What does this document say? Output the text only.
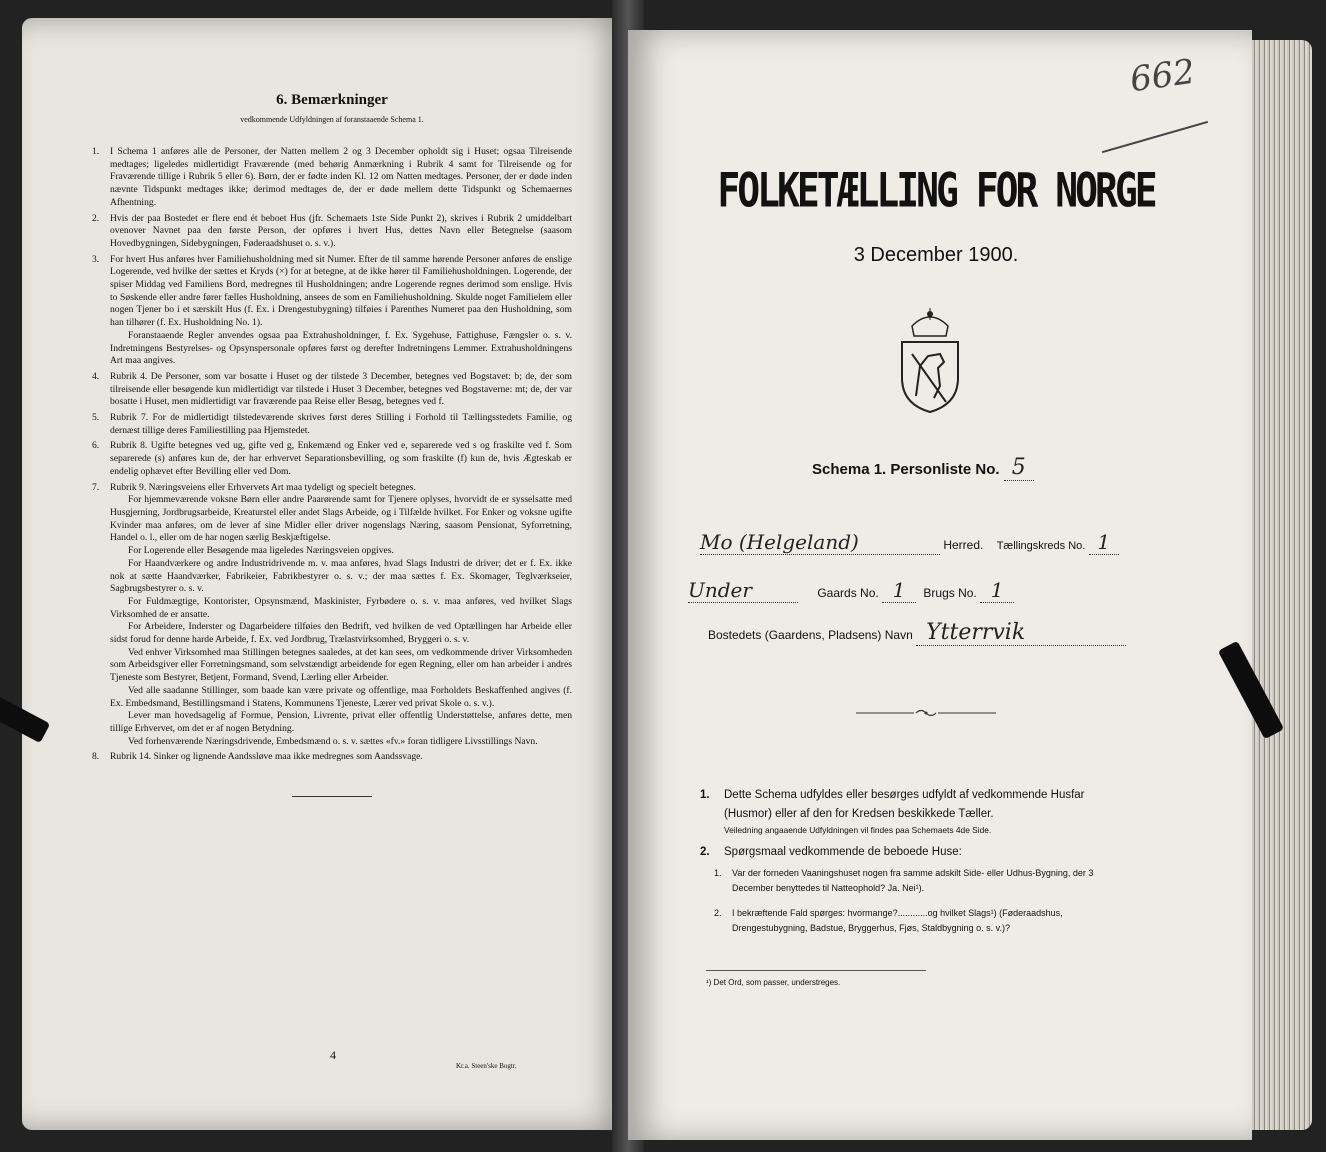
6. Bemærkninger
vedkommende Udfyldningen af foranstaaende Schema 1.
1. I Schema 1 anføres alle de Personer, der Natten mellem 2 og 3 December opholdt sig i Huset; ogsaa Tilreisende medtages; ligeledes midlertidigt Fraværende (med behørig Anmærkning i Rubrik 4 samt for Tilreisende og for Fraværende tillige i Rubrik 5 eller 6). Børn, der er fødte inden Kl. 12 om Natten medtages. Personer, der er døde inden nævnte Tidspunkt medtages ikke; derimod medtages de, der er døde mellem dette Tidspunkt og Schemaernes Afhentning.

2. Hvis der paa Bostedet er flere end ét beboet Hus (jfr. Schemaets 1ste Side Punkt 2), skrives i Rubrik 2 umiddelbart ovenover Navnet paa den første Person, der opføres i hvert Hus, dettes Navn eller Betegnelse (saasom Hovedbygningen, Sidebygningen, Føderaadshuset o. s. v.).

3. For hvert Hus anføres hver Familiehusholdning med sit Numer. Efter de til samme hørende Personer anføres de enslige Logerende, ved hvilke der sættes et Kryds (×) for at betegne, at de ikke hører til Familiehusholdningen. Logerende, der spiser Middag ved Familiens Bord, medregnes til Husholdningen; andre Logerende regnes derimod som enslige. Hvis to Søskende eller andre fører fælles Husholdning, ansees de som en Familiehusholdning. Skulde noget Familielem eller nogen Tjener bo i et særskilt Hus (f. Ex. i Drengestubygning) tilføies i Parenthes Numeret paa den Husholdning, som han tilhører (f. Ex. Husholdning No. 1).

Foranstaaende Regler anvendes ogsaa paa Extrahusholdninger, f. Ex. Sygehuse, Fattighuse, Fængsler o. s. v. Indretningens Bestyrelses- og Opsynspersonale opføres først og derefter Indretningens Lemmer. Extrahusholdningens Art maa angives.

4. Rubrik 4. De Personer, som var bosatte i Huset og der tilstede 3 December, betegnes ved Bogstavet: b; de, der som tilreisende eller besøgende kun midlertidigt var tilstede i Huset 3 December, betegnes ved Bogstaverne: mt; de, der var bosatte i Huset, men midlertidigt var fraværende paa Reise eller Besøg, betegnes ved f.

5. Rubrik 7. For de midlertidigt tilstedeværende skrives først deres Stilling i Forhold til Tællingsstedets Familie, og dernæst tillige deres Familiestilling paa Hjemstedet.

6. Rubrik 8. Ugifte betegnes ved ug, gifte ved g, Enkemænd og Enker ved e, separerede ved s og fraskilte ved f. Som separerede (s) anføres kun de, der har erhvervet Separationsbevilling, og som fraskilte (f) kun de, hvis Ægteskab er endelig ophævet efter Bevilling eller ved Dom.

7. Rubrik 9. Næringsveiens eller Erhvervets Art maa tydeligt og specielt betegnes.

For hjemmeværende voksne Børn eller andre Paarørende samt for Tjenere oplyses, hvorvidt de er sysselsatte med Husgjerning, Jordbrugsarbeide, Kreaturstel eller andet Slags Arbeide, og i Tilfælde hvilket. For Enker og voksne ugifte Kvinder maa anføres, om de lever af sine Midler eller driver nogenslags Næring, saasom Pensionat, Syforretning, Handel o. l., eller om de har nogen særlig Beskjæftigelse.

For Logerende eller Besøgende maa ligeledes Næringsveien opgives.

For Haandværkere og andre Industridrivende m. v. maa anføres, hvad Slags Industri de driver; det er f. Ex. ikke nok at sætte Haandværker, Fabrikeier, Fabrikbestyrer o. s. v.; der maa sættes f. Ex. Skomager, Teglværkseier, Sagbrugsbestyrer o. s. v.

For Fuldmægtige, Kontorister, Opsynsmænd, Maskinister, Fyrbødere o. s. v. maa anføres, ved hvilket Slags Virksomhed de er ansatte.

For Arbeidere, Inderster og Dagarbeidere tilføies den Bedrift, ved hvilken de ved Optællingen har Arbeide eller sidst forud for denne harde Arbeide, f. Ex. ved Jordbrug, Trælastvirksomhed, Bryggeri o. s. v.

Ved enhver Virksomhed maa Stillingen betegnes saaledes, at det kan sees, om vedkommende driver Virksomheden som Arbeidsgiver eller Forretningsmand, som selvstændigt arbeidende for egen Regning, eller om han arbeider i andres Tjeneste som Bestyrer, Betjent, Formand, Svend, Lærling eller Arbeider.

Ved alle saadanne Stillinger, som baade kan være private og offentlige, maa Forholdets Beskaffenhed angives (f. Ex. Embedsmand, Bestillingsmand i Statens, Kommunens Tjeneste, Lærer ved privat Skole o. s. v.).

Lever man hovedsagelig af Formue, Pension, Livrente, privat eller offentlig Understøttelse, anføres dette, men tillige Erhvervet, om det er af nogen Betydning.

Ved forhenværende Næringsdrivende, Embedsmænd o. s. v. sættes «fv.» foran tidligere Livsstillings Navn.

8. Rubrik 14. Sinker og lignende Aandssløve maa ikke medregnes som Aandssvage.

4
Kr.a. Steen'ske Bogtr.
662
FOLKETÆLLING FOR NORGE
3 December 1900.
Schema 1. Personliste No. 5
Mo (Helgeland)	Herred. Tællingskreds No. 1
Under	Gaards No. 1 Brugs No. 1
Bostedets (Gaardens, Pladsens) Navn Ytterrvik

1. Dette Schema udfyldes eller besørges udfyldt af vedkommende Husfar (Husmor) eller af den for Kredsen beskikkede Tæller.

Veiledning angaaende Udfyldningen vil findes paa Schemaets 4de Side.

2. Spørgsmaal vedkommende de beboede Huse:

1. Var der forneden Vaaningshuset nogen fra samme adskilt Side- eller Udhus-Bygning, der 3 December benyttedes til Natteophold? Ja. Nei¹).
2. I bekræftende Fald spørges: hvormange?............og hvilket Slags¹) (Føderaadshus, Drengestubygning, Badstue, Bryggerhus, Fjøs, Staldbygning o. s. v.)?
¹) Det Ord, som passer, understreges.
